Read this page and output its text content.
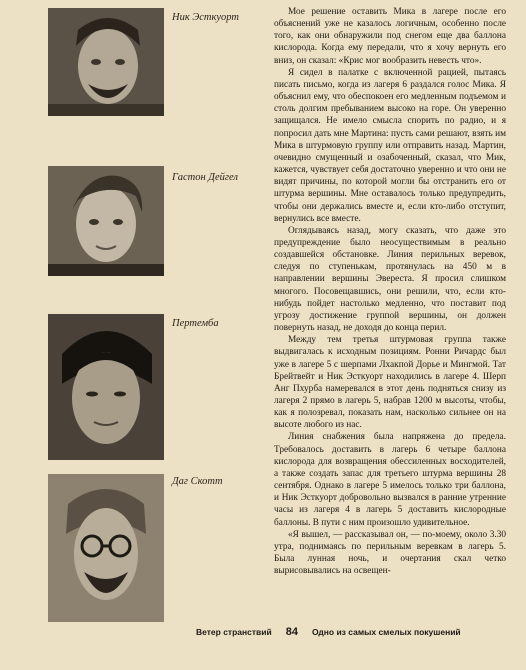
Ник Эсткуорт
Гастон Дейгел
Пертемба
Даг Скотт

Мое решение оставить Мика в лагере после его объяснений уже не казалось логичным, особенно после того, как они обнаружили под снегом еще два баллона кислорода. Когда ему передали, что я хочу вернуть его вниз, он сказал: «Крис мог вообразить невесть что».

Я сидел в палатке с включенной рацией, пытаясь писать письмо, когда из лагеря 6 раздался голос Мика. Я объяснил ему, что обеспокоен его медленным подъемом и столь долгим пребыванием высоко на горе. Он уверенно защищался. Не имело смысла спорить по радио, и я попросил дать мне Мартина: пусть сами решают, взять им Мика в штурмовую группу или отправить назад. Мартин, очевидно смущенный и озабоченный, сказал, что Мик, кажется, чувствует себя достаточно уверенно и что они не видят причины, по которой могли бы отстранить его от штурма вершины. Мне оставалось только предупредить, чтобы они держались вместе и, если кто-либо отступит, вернулись все вместе.

Оглядываясь назад, могу сказать, что даже это предупреждение было неосуществимым в реально создавшейся обстановке. Линия перильных веревок, следуя по ступенькам, протянулась на 450 м в направлении вершины Эвереста. Я просил слишком многого. Посовещавшись, они решили, что, если кто-нибудь пойдет настолько медленно, что поставит под угрозу достижение группой вершины, он должен повернуть назад, не доходя до конца перил.

Между тем третья штурмовая группа также выдвигалась к исходным позициям. Ронни Ричардс был уже в лагере 5 с шерпами Лхакпой Дорье и Мингмой. Тат Брейтвейт и Ник Эсткуорт находились в лагере 4. Шерп Анг Пхурба намеревался в этот день подняться снизу из лагеря 2 прямо в лагерь 5, набрав 1200 м высоты, чтобы, как я полозревал, показать нам, насколько сильнее он на высоте любого из нас.

Линия снабжения была напряжена до предела. Требовалось доставить в лагерь 6 четыре баллона кислорода для возвращения обессиленных восходителей, а также создать запас для третьего штурма вершины 28 сентября. Однако в лагере 5 имелось только три баллона, и Ник Эсткуорт добровольно вызвался в ранние утренние часы из лагеря 4 в лагерь 5 доставить кислородные баллоны. В пути с ним произошло удивительное.

«Я вышел, — рассказывал он, — по-моему, около 3.30 утра, поднимаясь по перильным веревкам в лагерь 5. Была лунная ночь, и очертания скал четко вырисовывались на освещен-

Ветер странствий 84 Одно из самых смелых покушений
